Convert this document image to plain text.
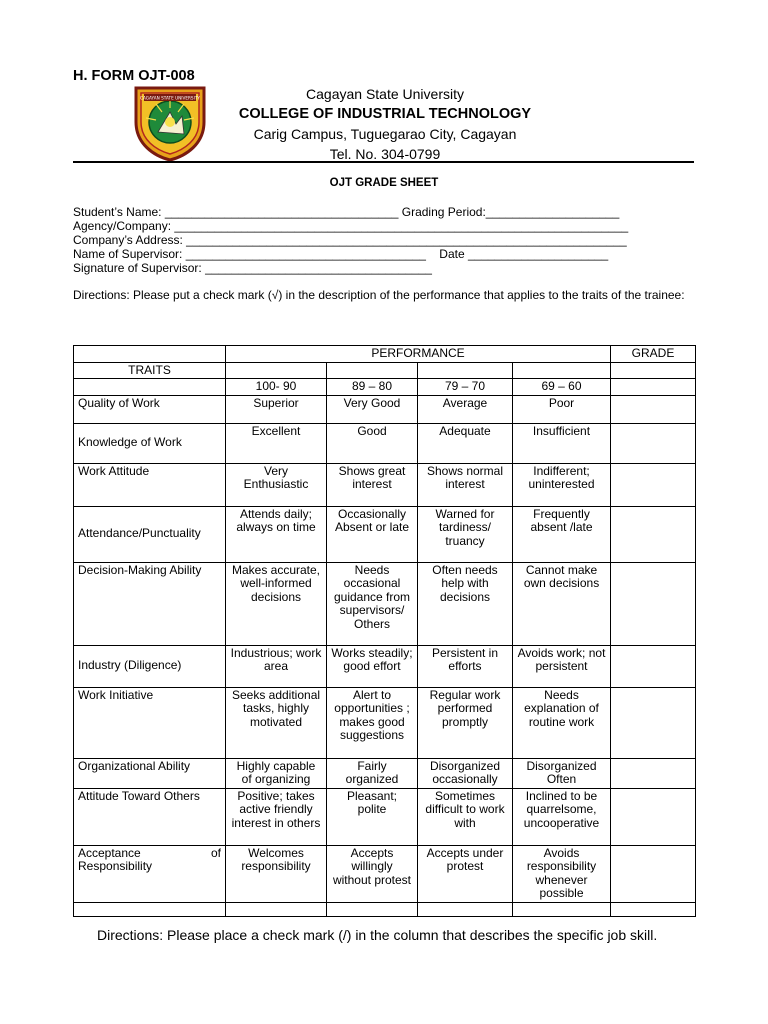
H. FORM OJT-008
CAGAYAN STATE UNIVERSITY	Cagayan State University
COLLEGE OF INDUSTRIAL TECHNOLOGY
Carig Campus, Tuguegarao City, Cagayan
Tel. No. 304-0799
OJT GRADE SHEET
Student’s Name: ___________________________________ Grading Period:____________________
Agency/Company: ____________________________________________________________________
Company’s Address: __________________________________________________________________
Name of Supervisor: ____________________________________    Date _____________________
Signature of Supervisor: __________________________________
Directions: Please put a check mark (√) in the description of the performance that applies to the traits of the trainee:
	PERFORMANCE				GRADE
TRAITS					
	100- 90	89 – 80	79 – 70	69 – 60	
Quality of Work	Superior	Very Good	Average	Poor	
Knowledge of Work	Excellent	Good	Adequate	Insufficient	
Work Attitude	Very Enthusiastic	Shows great interest	Shows normal interest	Indifferent; uninterested	
Attendance/Punctuality	Attends daily; always on time	Occasionally Absent or late	Warned for tardiness/ truancy	Frequently absent /late	
Decision-Making Ability	Makes accurate, well-informed decisions	Needs occasional guidance from supervisors/ Others	Often needs help with decisions	Cannot make own decisions	
Industry (Diligence)	Industrious; work area	Works steadily; good effort	Persistent in efforts	Avoids work; not persistent	
Work Initiative	Seeks additional tasks, highly motivated	Alert to opportunities ; makes good suggestions	Regular work performed promptly	Needs explanation of routine work	
Organizational Ability	Highly capable of organizing	Fairly organized	Disorganized occasionally	Disorganized Often	
Attitude Toward Others	Positive; takes active friendly interest in others	Pleasant; polite	Sometimes difficult to work with	Inclined to be quarrelsome, uncooperative	

Acceptance of
Responsibility	Welcomes responsibility	Accepts willingly without protest	Accepts under protest	Avoids responsibility whenever possible	

Directions: Please place a check mark (/) in the column that describes the specific job skill.
